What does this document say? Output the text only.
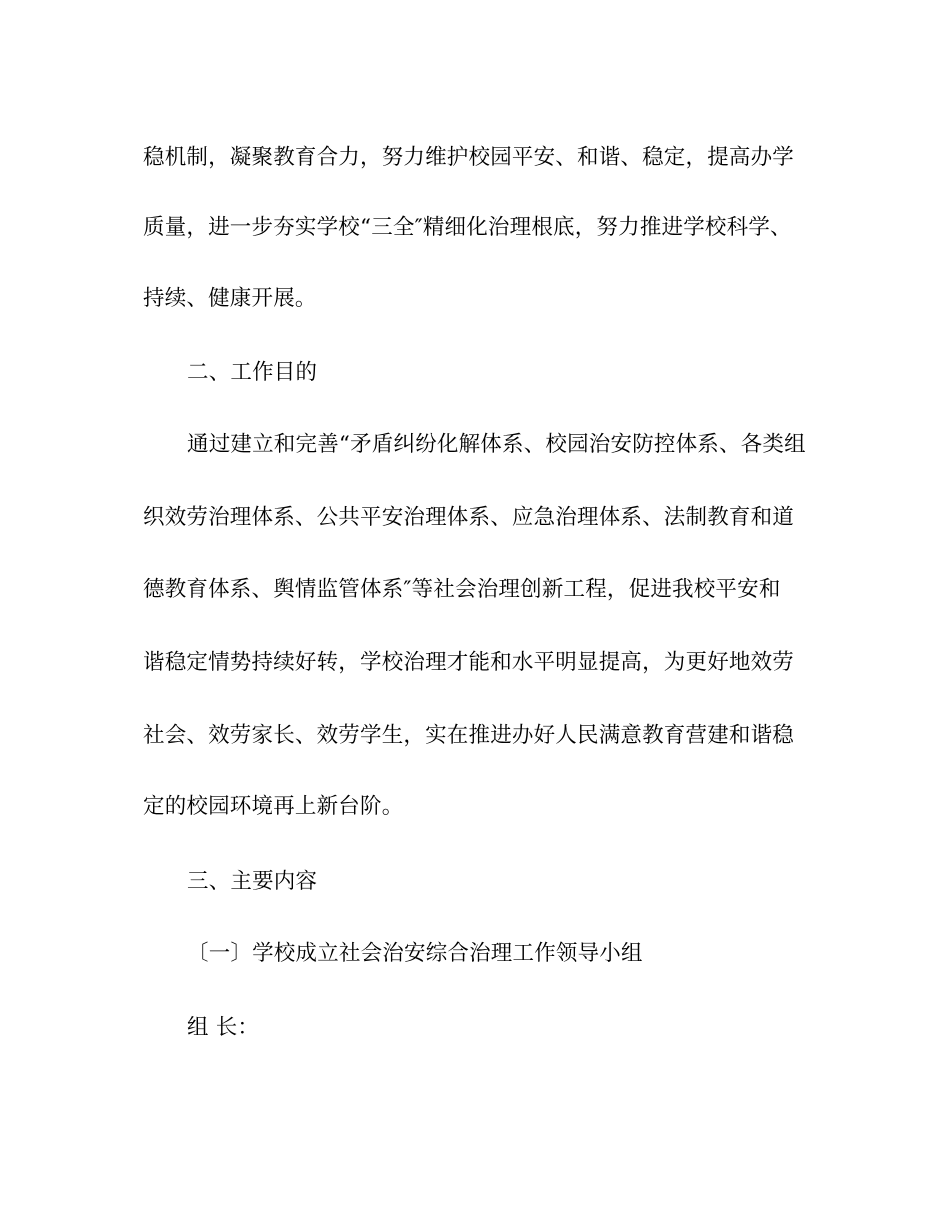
稳机制，凝聚教育合力，努力维护校园平安、和谐、稳定，提高办学
质量，进一步夯实学校“三全″精细化治理根底，努力推进学校科学、
持续、健康开展。
二、工作目的
通过建立和完善“矛盾纠纷化解体系、校园治安防控体系、各类组
织效劳治理体系、公共平安治理体系、应急治理体系、法制教育和道
德教育体系、舆情监管体系″等社会治理创新工程，促进我校平安和
谐稳定情势持续好转，学校治理才能和水平明显提高，为更好地效劳
社会、效劳家长、效劳学生，实在推进办好人民满意教育营建和谐稳
定的校园环境再上新台阶。
三、主要内容
〔一〕学校成立社会治安综合治理工作领导小组
组 长：
